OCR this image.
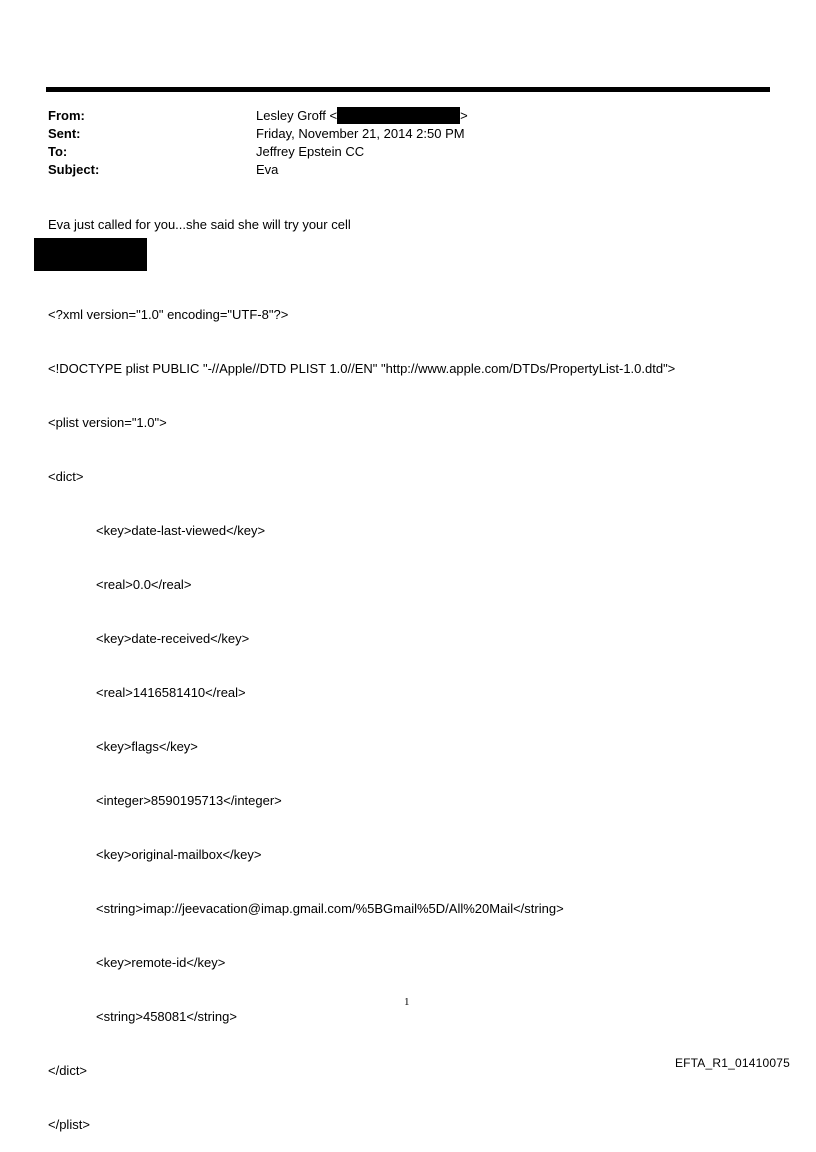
From:	Lesley Groff <	>
Sent:	Friday, November 21, 2014 2:50 PM
To:	Jeffrey Epstein CC
Subject:	Eva
Eva just called for you...she said she will try your cell

<?xml version="1.0" encoding="UTF-8"?>

<!DOCTYPE plist PUBLIC "-//Apple//DTD PLIST 1.0//EN" "http://www.apple.com/DTDs/PropertyList-1.0.dtd">

<plist version="1.0">

<dict>

<key>date-last-viewed</key>

<real>0.0</real>

<key>date-received</key>

<real>1416581410</real>

<key>flags</key>

<integer>8590195713</integer>

<key>original-mailbox</key>

<string>imap://jeevacation@imap.gmail.com/%5BGmail%5D/All%20Mail</string>

<key>remote-id</key>

<string>458081</string>

</dict>

</plist>

1
EFTA_R1_01410075
